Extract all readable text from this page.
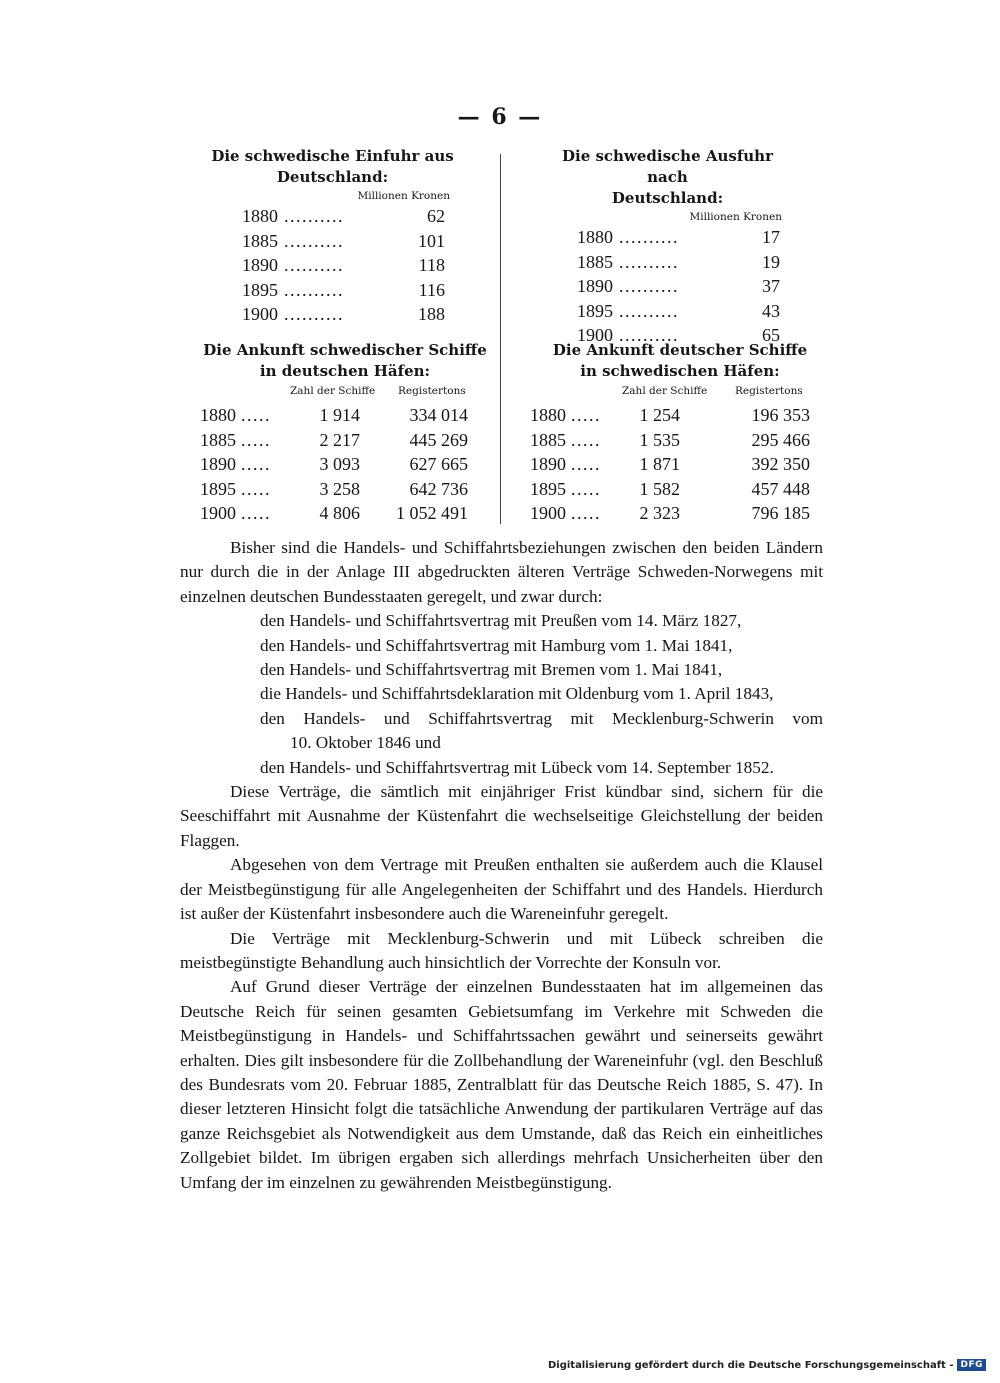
— 6 —
Die schwedische Einfuhr aus
Deutschland:
Millionen Kronen
1880 ..........	62
1885 ..........	101
1890 ..........	118
1895 ..........	116
1900 ..........	188
Die schwedische Ausfuhr nach
Deutschland:
Millionen Kronen
1880 ..........	17
1885 ..........	19
1890 ..........	37
1895 ..........	43
1900 ..........	65
Die Ankunft schwedischer Schiffe
in deutschen Häfen:
Zahl der Schiffe Registertons
1880 .....	1 914	334 014
1885 .....	2 217	445 269
1890 .....	3 093	627 665
1895 .....	3 258	642 736
1900 .....	4 806	1 052 491
Die Ankunft deutscher Schiffe
in schwedischen Häfen:
Zahl der Schiffe	Registertons
1880 .....	1 254	196 353
1885 .....	1 535	295 466
1890 .....	1 871	392 350
1895 .....	1 582	457 448
1900 .....	2 323	796 185

Bisher sind die Handels- und Schiffahrtsbeziehungen zwischen den beiden Ländern nur durch die in der Anlage III abgedruckten älteren Verträge Schweden-Norwegens mit einzelnen deutschen Bundesstaaten geregelt, und zwar durch:

den Handels- und Schiffahrtsvertrag mit Preußen vom 14. März 1827,
den Handels- und Schiffahrtsvertrag mit Hamburg vom 1. Mai 1841,
den Handels- und Schiffahrtsvertrag mit Bremen vom 1. Mai 1841,
die Handels- und Schiffahrtsdeklaration mit Oldenburg vom 1. April 1843,
den Handels- und Schiffahrtsvertrag mit Mecklenburg-Schwerin vom
10. Oktober 1846 und
den Handels- und Schiffahrtsvertrag mit Lübeck vom 14. September 1852.

Diese Verträge, die sämtlich mit einjähriger Frist kündbar sind, sichern für die Seeschiffahrt mit Ausnahme der Küstenfahrt die wechselseitige Gleichstellung der beiden Flaggen.

Abgesehen von dem Vertrage mit Preußen enthalten sie außerdem auch die Klausel der Meistbegünstigung für alle Angelegenheiten der Schiffahrt und des Handels. Hierdurch ist außer der Küstenfahrt insbesondere auch die Wareneinfuhr geregelt.

Die Verträge mit Mecklenburg-Schwerin und mit Lübeck schreiben die meistbegünstigte Behandlung auch hinsichtlich der Vorrechte der Konsuln vor.

Auf Grund dieser Verträge der einzelnen Bundesstaaten hat im allgemeinen das Deutsche Reich für seinen gesamten Gebietsumfang im Verkehre mit Schweden die Meistbegünstigung in Handels- und Schiffahrtssachen gewährt und seinerseits gewährt erhalten. Dies gilt insbesondere für die Zollbehandlung der Wareneinfuhr (vgl. den Beschluß des Bundesrats vom 20. Februar 1885, Zentralblatt für das Deutsche Reich 1885, S. 47). In dieser letzteren Hinsicht folgt die tatsächliche Anwendung der partikularen Verträge auf das ganze Reichsgebiet als Notwendigkeit aus dem Umstande, daß das Reich ein einheitliches Zollgebiet bildet. Im übrigen ergaben sich allerdings mehrfach Unsicherheiten über den Umfang der im einzelnen zu gewährenden Meistbegünstigung.

Digitalisierung gefördert durch die Deutsche Forschungsgemeinschaft - DFG
